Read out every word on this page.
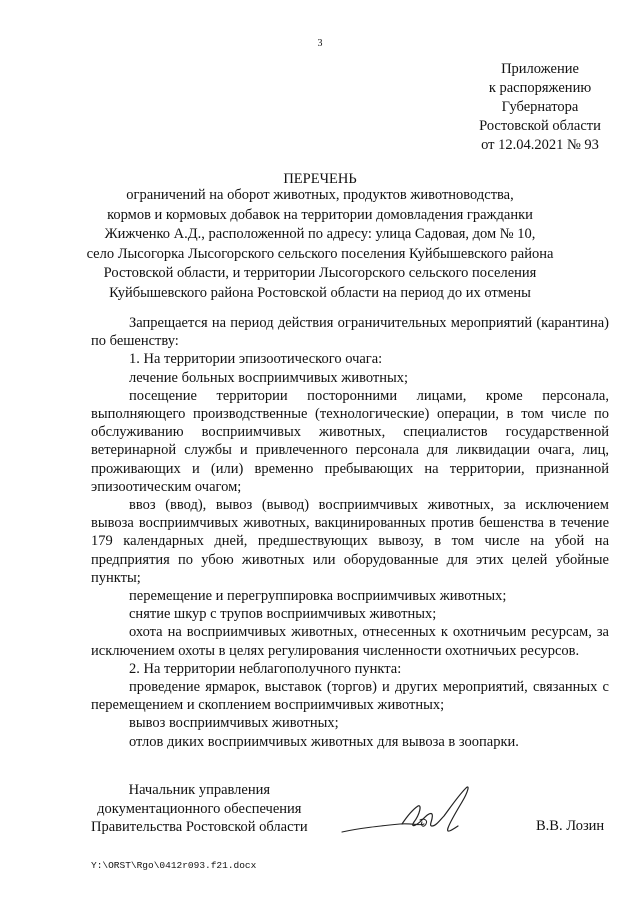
3
Приложение
к распоряжению
Губернатора
Ростовской области
от 12.04.2021 № 93
ПЕРЕЧЕНЬ
ограничений на оборот животных, продуктов животноводства,
кормов и кормовых добавок на территории домовладения гражданки
Жижченко А.Д., расположенной по адресу: улица Садовая, дом № 10,
село Лысогорка Лысогорского сельского поселения Куйбышевского района
Ростовской области, и территории Лысогорского сельского поселения
Куйбышевского района Ростовской области на период до их отмены

Запрещается на период действия ограничительных мероприятий (карантина) по бешенству:

1. На территории эпизоотического очага:

лечение больных восприимчивых животных;

посещение территории посторонними лицами, кроме персонала, выполняющего производственные (технологические) операции, в том числе по обслуживанию восприимчивых животных, специалистов государственной ветеринарной службы и привлеченного персонала для ликвидации очага, лиц, проживающих и (или) временно пребывающих на территории, признанной эпизоотическим очагом;

ввоз (ввод), вывоз (вывод) восприимчивых животных, за исключением вывоза восприимчивых животных, вакцинированных против бешенства в течение 179 календарных дней, предшествующих вывозу, в том числе на убой на предприятия по убою животных или оборудованные для этих целей убойные пункты;

перемещение и перегруппировка восприимчивых животных;

снятие шкур с трупов восприимчивых животных;

охота на восприимчивых животных, отнесенных к охотничьим ресурсам, за исключением охоты в целях регулирования численности охотничьих ресурсов.

2. На территории неблагополучного пункта:

проведение ярмарок, выставок (торгов) и других мероприятий, связанных с перемещением и скоплением восприимчивых животных;

вывоз восприимчивых животных;

отлов диких восприимчивых животных для вывоза в зоопарки.

Начальник управления
документационного обеспечения
Правительства Ростовской области	В.В. Лозин
Y:\ORST\Rgo\0412r093.f21.docx
